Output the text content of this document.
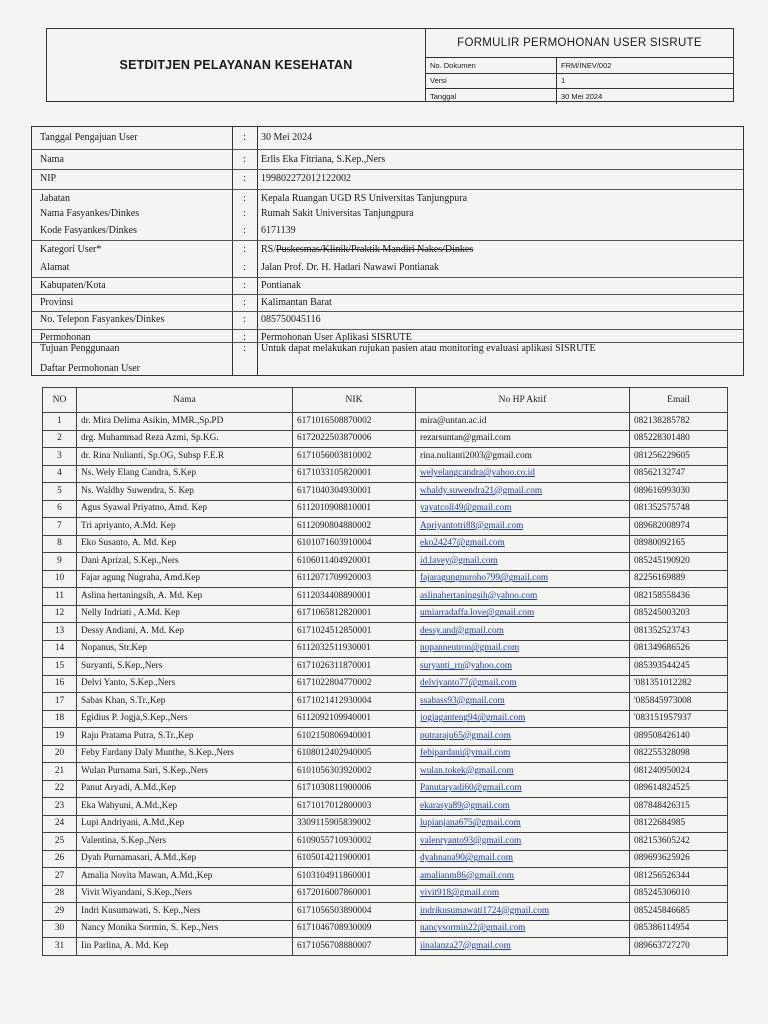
SETDITJEN PELAYANAN KESEHATAN
FORMULIR PERMOHONAN USER SISRUTE
No. Dokumen	FRM/INEV/002
Versi	1
Tanggal	30 Mei 2024
Tanggal Pengajuan User	:	30 Mei 2024
Nama	:	Erlis Eka Fitriana, S.Kep.,Ners
NIP	:	199802272012122002
Jabatan	:	Kepala Ruangan UGD RS Universitas Tanjungpura
Nama Fasyankes/Dinkes	:	Rumah Sakit Universitas Tanjungpura
Kode Fasyankes/Dinkes	:	6171139
Kategori User*	:	RS/Puskesmas/Klinik/Praktik Mandiri Nakes/Dinkes
Alamat	:	Jalan Prof. Dr. H. Hadari Nawawi Pontianak
Kabupaten/Kota	:	Pontianak
Provinsi	:	Kalimantan Barat
No. Telepon Fasyankes/Dinkes	:	085750045116
Permohonan	:	Permohonan User Aplikasi SISRUTE
Tujuan Penggunaan	:	Untuk dapat melakukan rujukan pasien atau monitoring evaluasi aplikasi SISRUTE
Daftar Permohonan User
NO	Nama	NIK	No HP Aktif	Email
1	dr. Mira Delima Asikin, MMR.,Sp.PD	6171016508870002	mira@untan.ac.id	082138285782
2	drg. Muhammad Reza Azmi, Sp.KG.	6172022503870006	rezarsuntan@gmail.com	085228301480
3	dr. Rina Nulianti, Sp.OG, Subsp F.E.R	6171056003810002	rina.nulianti2003@gmail.com	081256229605
4	Ns. Wely Elang Candra, S.Kep	6171033105820001	welyelangcandra@yahoo.co.id	08562132747
5	Ns. Waldhy Suwendra, S. Kep	6171040304930001	whaldy.suwendra21@gmail.com	089616993030
6	Agus Syawal Priyatno, Amd. Kep	6112010908810001	yayatcoll49@gmail.com	081352575748
7	Tri apriyanto, A.Md. Kep	6112090804880002	Apriyantotri88@gmail.com	089682008974
8	Eko Susanto, A. Md. Kep	6101071603910004	eko24247@gmail.com	08980092165
9	Dani Aprizal, S.Kep.,Ners	6106011404920001	id.lavey@gmail.com	085245190920
10	Fajar agung Nugraha, Amd.Kep	6112071709920003	fajaragungnuroho799@gmail.com	82256169889
11	Aslina hertaningsih, A. Md. Kep	6112034408890001	aslinahertaningsih@yahoo.com	082158558436
12	Nelly Indriati , A.Md. Kep	6171065812820001	umiarradaffa.love@gmail.com	085245003203
13	Dessy Andiani, A. Md. Kep	6171024512850001	dessy.and@gmail.com	081352523743
14	Nopanus, Str.Kep	6112032511930001	nopanneutron@gmail.com	081349686526
15	Suryanti, S.Kep.,Ners	6171026311870001	suryanti_rn@yahoo.com	085393544245
16	Delvi Yanto, S.Kep.,Ners	6171022804770002	delviyanto77@gmail.com	'081351012282
17	Sabas Khan, S.Tr.,Kep	6171021412930004	ssabass93@gmail.com	'085845973008
18	Egidius P. Jogja,S.Kep.,Ners	6112092109940001	jogjaganteng94@gmail.com	'083151957937
19	Raju Pratama Putra, S.Tr.,Kep	6102150806940001	putraraju65@gmail.com	089508426140
20	Feby Fardany Daly Munthe, S.Kep.,Ners	6108012402940005	febipardani@ymail.com	082255328098
21	Wulan Purnama Sari, S.Kep.,Ners	6101056303920002	wulan.tokek@gmail.com	081240950024
22	Panut Aryadi, A.Md.,Kep	6171030811900006	Panutaryadi60@gmail.com	089614824525
23	Eka Wahyuni, A.Md.,Kep	6171017012800003	ekarasya89@gmail.com	087848426315
24	Lupi Andriyani, A.Md.,Kep	3309115905839002	lupianjana675@gmail.com	08122684985
25	Valentina, S.Kep.,Ners	6109055710930002	valenryanto93@gmail.com	082153605242
26	Dyah Purnamasari, A.Md.,Kep	6105014211900001	dyahnana90@gmail.com	089693625926
27	Amalia Novita Mawan, A.Md.,Kep	6103104911860001	amalianm86@gmail.com	081256526344
28	Vivit Wiyandani, S.Kep.,Ners	6172016007860001	vivit918@gmail.com	085245306010
29	Indri Kusumawati, S. Kep.,Ners	6171056503890004	indrikusumawati1724@gmail.com	085245846685
30	Nancy Monika Sormin, S. Kep.,Ners	6171046708930009	nancysormin22@gmail.com	085386114954
31	Iin Parlina, A. Md. Kep	6171056708880007	iinalanza27@gmail.com	089663727270
